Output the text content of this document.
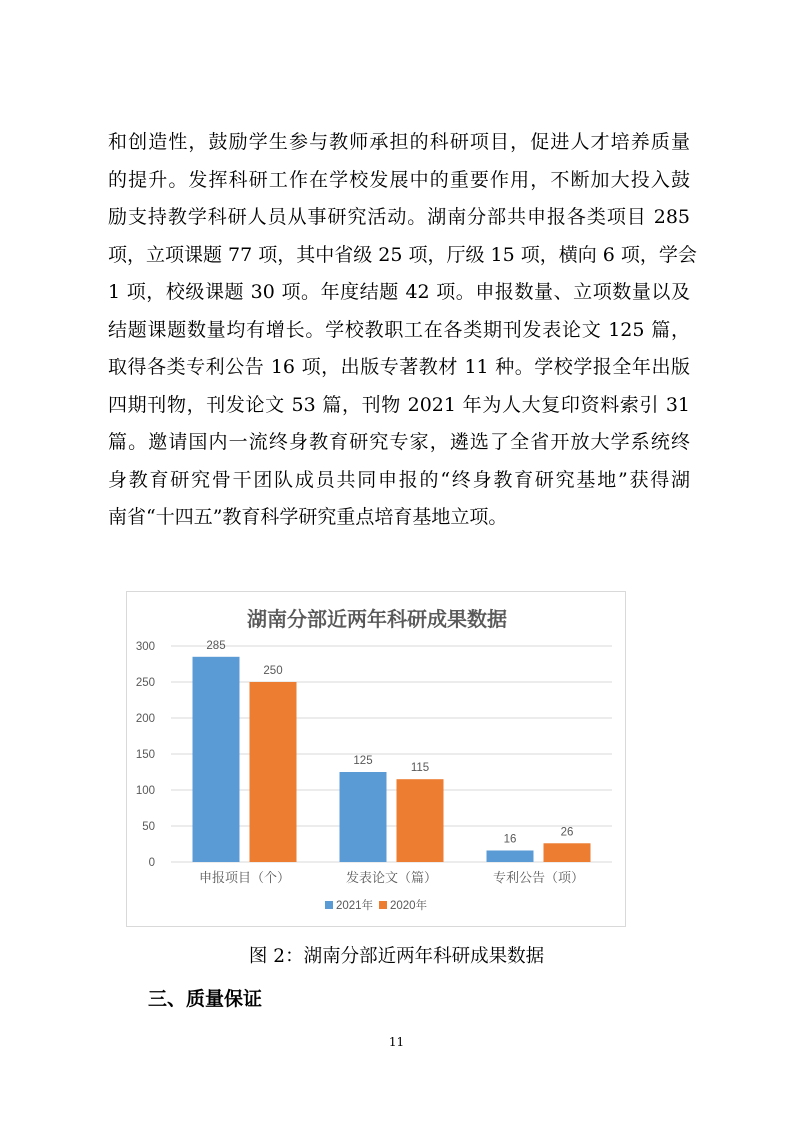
和创造性，鼓励学生参与教师承担的科研项目，促进人才培养质量
的提升。发挥科研工作在学校发展中的重要作用，不断加大投入鼓
励支持教学科研人员从事研究活动。湖南分部共申报各类项目 285
项，立项课题 77 项，其中省级 25 项，厅级 15 项，横向 6 项，学会
1 项，校级课题 30 项。年度结题 42 项。申报数量、立项数量以及
结题课题数量均有增长。学校教职工在各类期刊发表论文 125 篇，
取得各类专利公告 16 项，出版专著教材 11 种。学校学报全年出版
四期刊物，刊发论文 53 篇，刊物 2021 年为人大复印资料索引 31
篇。邀请国内一流终身教育研究专家，遴选了全省开放大学系统终
身教育研究骨干团队成员共同申报的“终身教育研究基地”获得湖
南省“十四五”教育科学研究重点培育基地立项。
湖南分部近两年科研成果数据
0
50
100
150
200
250
300	285
250
125
115
16
26
申报项目（个）	发表论文（篇）	专利公告（项）
2021年 2020年
图 2：湖南分部近两年科研成果数据
三、质量保证
11
